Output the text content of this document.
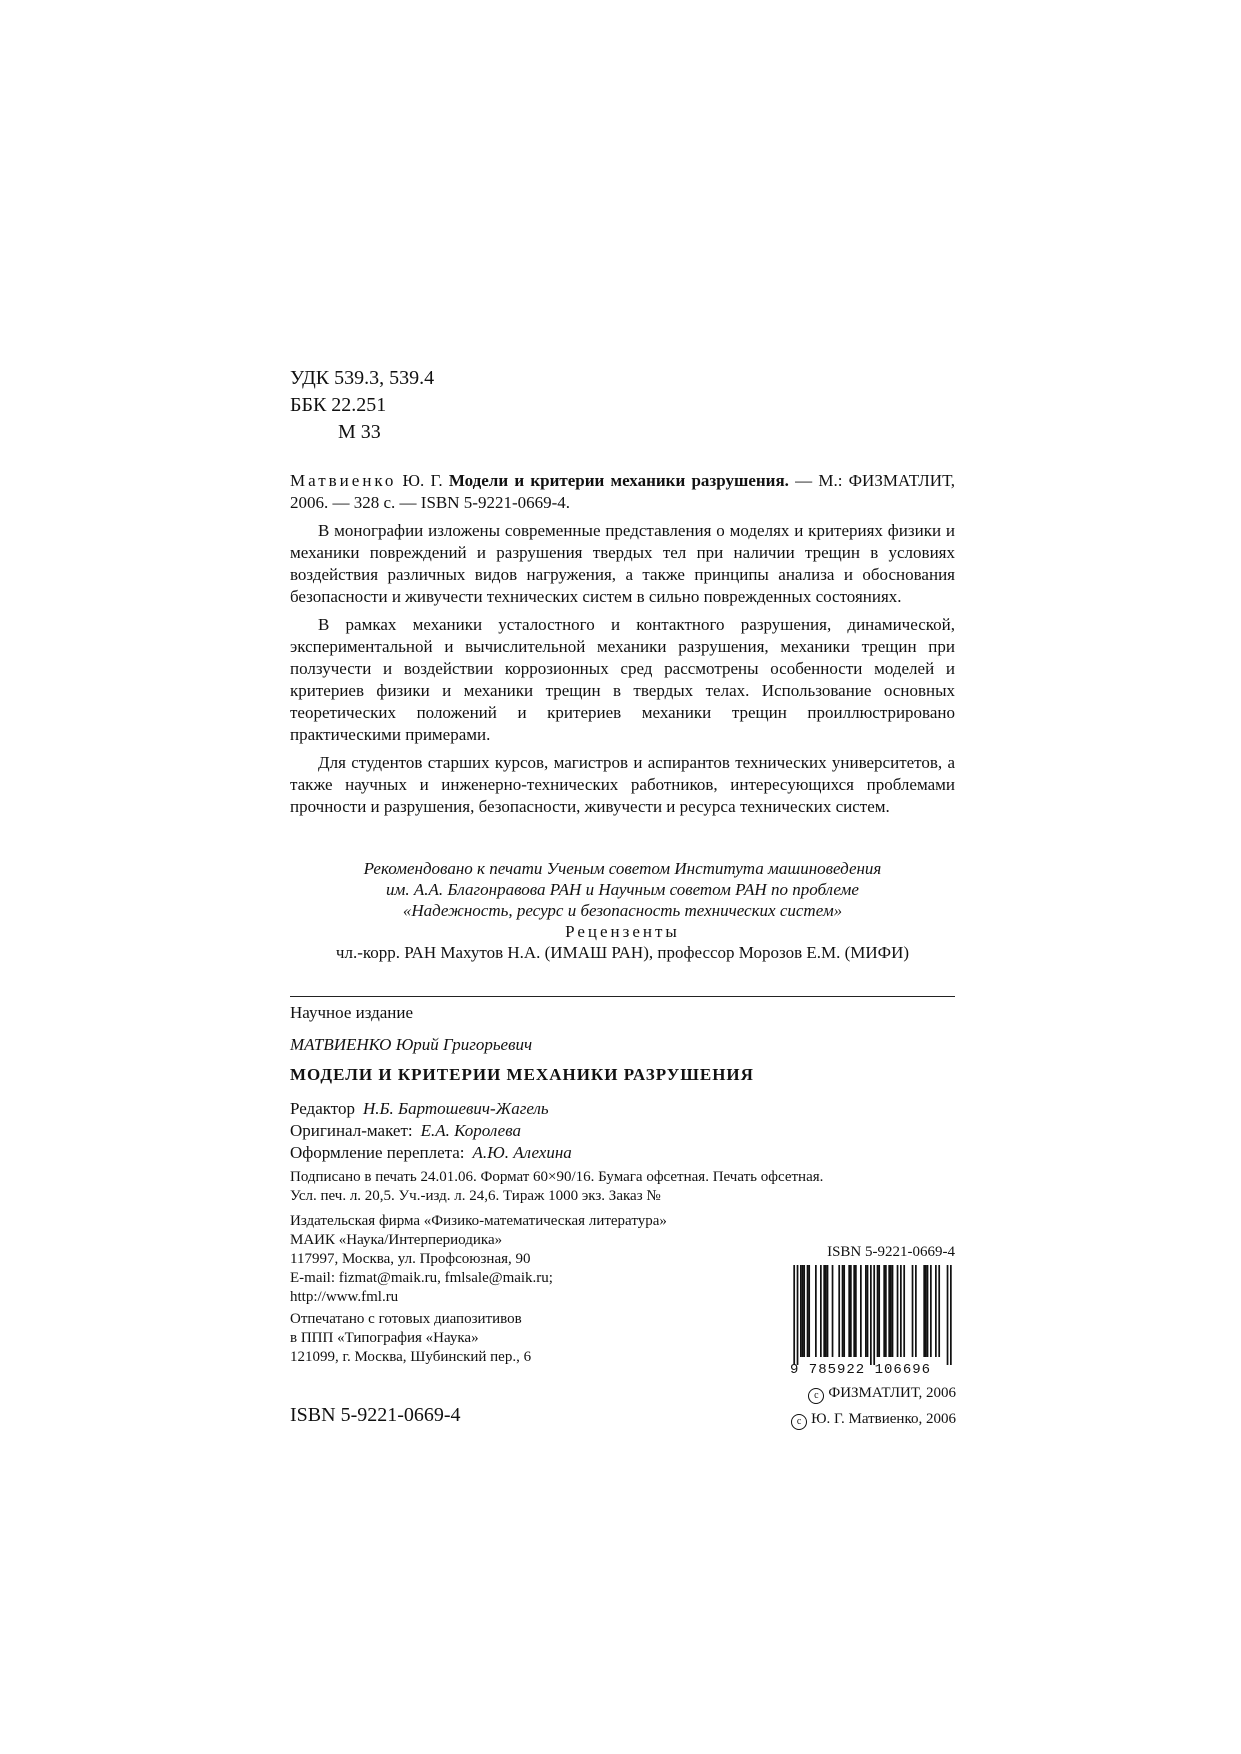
УДК 539.3, 539.4
ББК 22.251
М 33

Матвиенко Ю. Г. Модели и критерии механики разрушения. — М.: ФИЗМАТЛИТ, 2006. — 328 с. — ISBN 5-9221-0669-4.

В монографии изложены современные представления о моделях и критериях физики и механики повреждений и разрушения твердых тел при наличии трещин в условиях воздействия различных видов нагружения, а также принципы анализа и обоснования безопасности и живучести технических систем в сильно поврежденных состояниях.

В рамках механики усталостного и контактного разрушения, динамической, экспериментальной и вычислительной механики разрушения, механики трещин при ползучести и воздействии коррозионных сред рассмотрены особенности моделей и критериев физики и механики трещин в твердых телах. Использование основных теоретических положений и критериев механики трещин проиллюстрировано практическими примерами.

Для студентов старших курсов, магистров и аспирантов технических университетов, а также научных и инженерно-технических работников, интересующихся проблемами прочности и разрушения, безопасности, живучести и ресурса технических систем.

Рекомендовано к печати Ученым советом Института машиноведения
им. А.А. Благонравова РАН и Научным советом РАН по проблеме
«Надежность, ресурс и безопасность технических систем»
Рецензенты
чл.-корр. РАН Махутов Н.А. (ИМАШ РАН), профессор Морозов Е.М. (МИФИ)
Научное издание
МАТВИЕНКО Юрий Григорьевич
МОДЕЛИ И КРИТЕРИИ МЕХАНИКИ РАЗРУШЕНИЯ
Редактор Н.Б. Бартошевич-Жагель
Оригинал-макет: Е.А. Королева
Оформление переплета: А.Ю. Алехина
Подписано в печать 24.01.06. Формат 60×90/16. Бумага офсетная. Печать офсетная.
Усл. печ. л. 20,5. Уч.-изд. л. 24,6. Тираж 1000 экз. Заказ №
Издательская фирма «Физико-математическая литература»
МАИК «Наука/Интерпериодика»
117997, Москва, ул. Профсоюзная, 90
E-mail: fizmat@maik.ru, fmlsale@maik.ru;
http://www.fml.ru
Отпечатано с готовых диапозитивов
в ППП «Типография «Наука»
121099, г. Москва, Шубинский пер., 6
ISBN 5-9221-0669-4
9 785922 106696
ISBN 5-9221-0669-4
c ФИЗМАТЛИТ, 2006
c Ю. Г. Матвиенко, 2006
